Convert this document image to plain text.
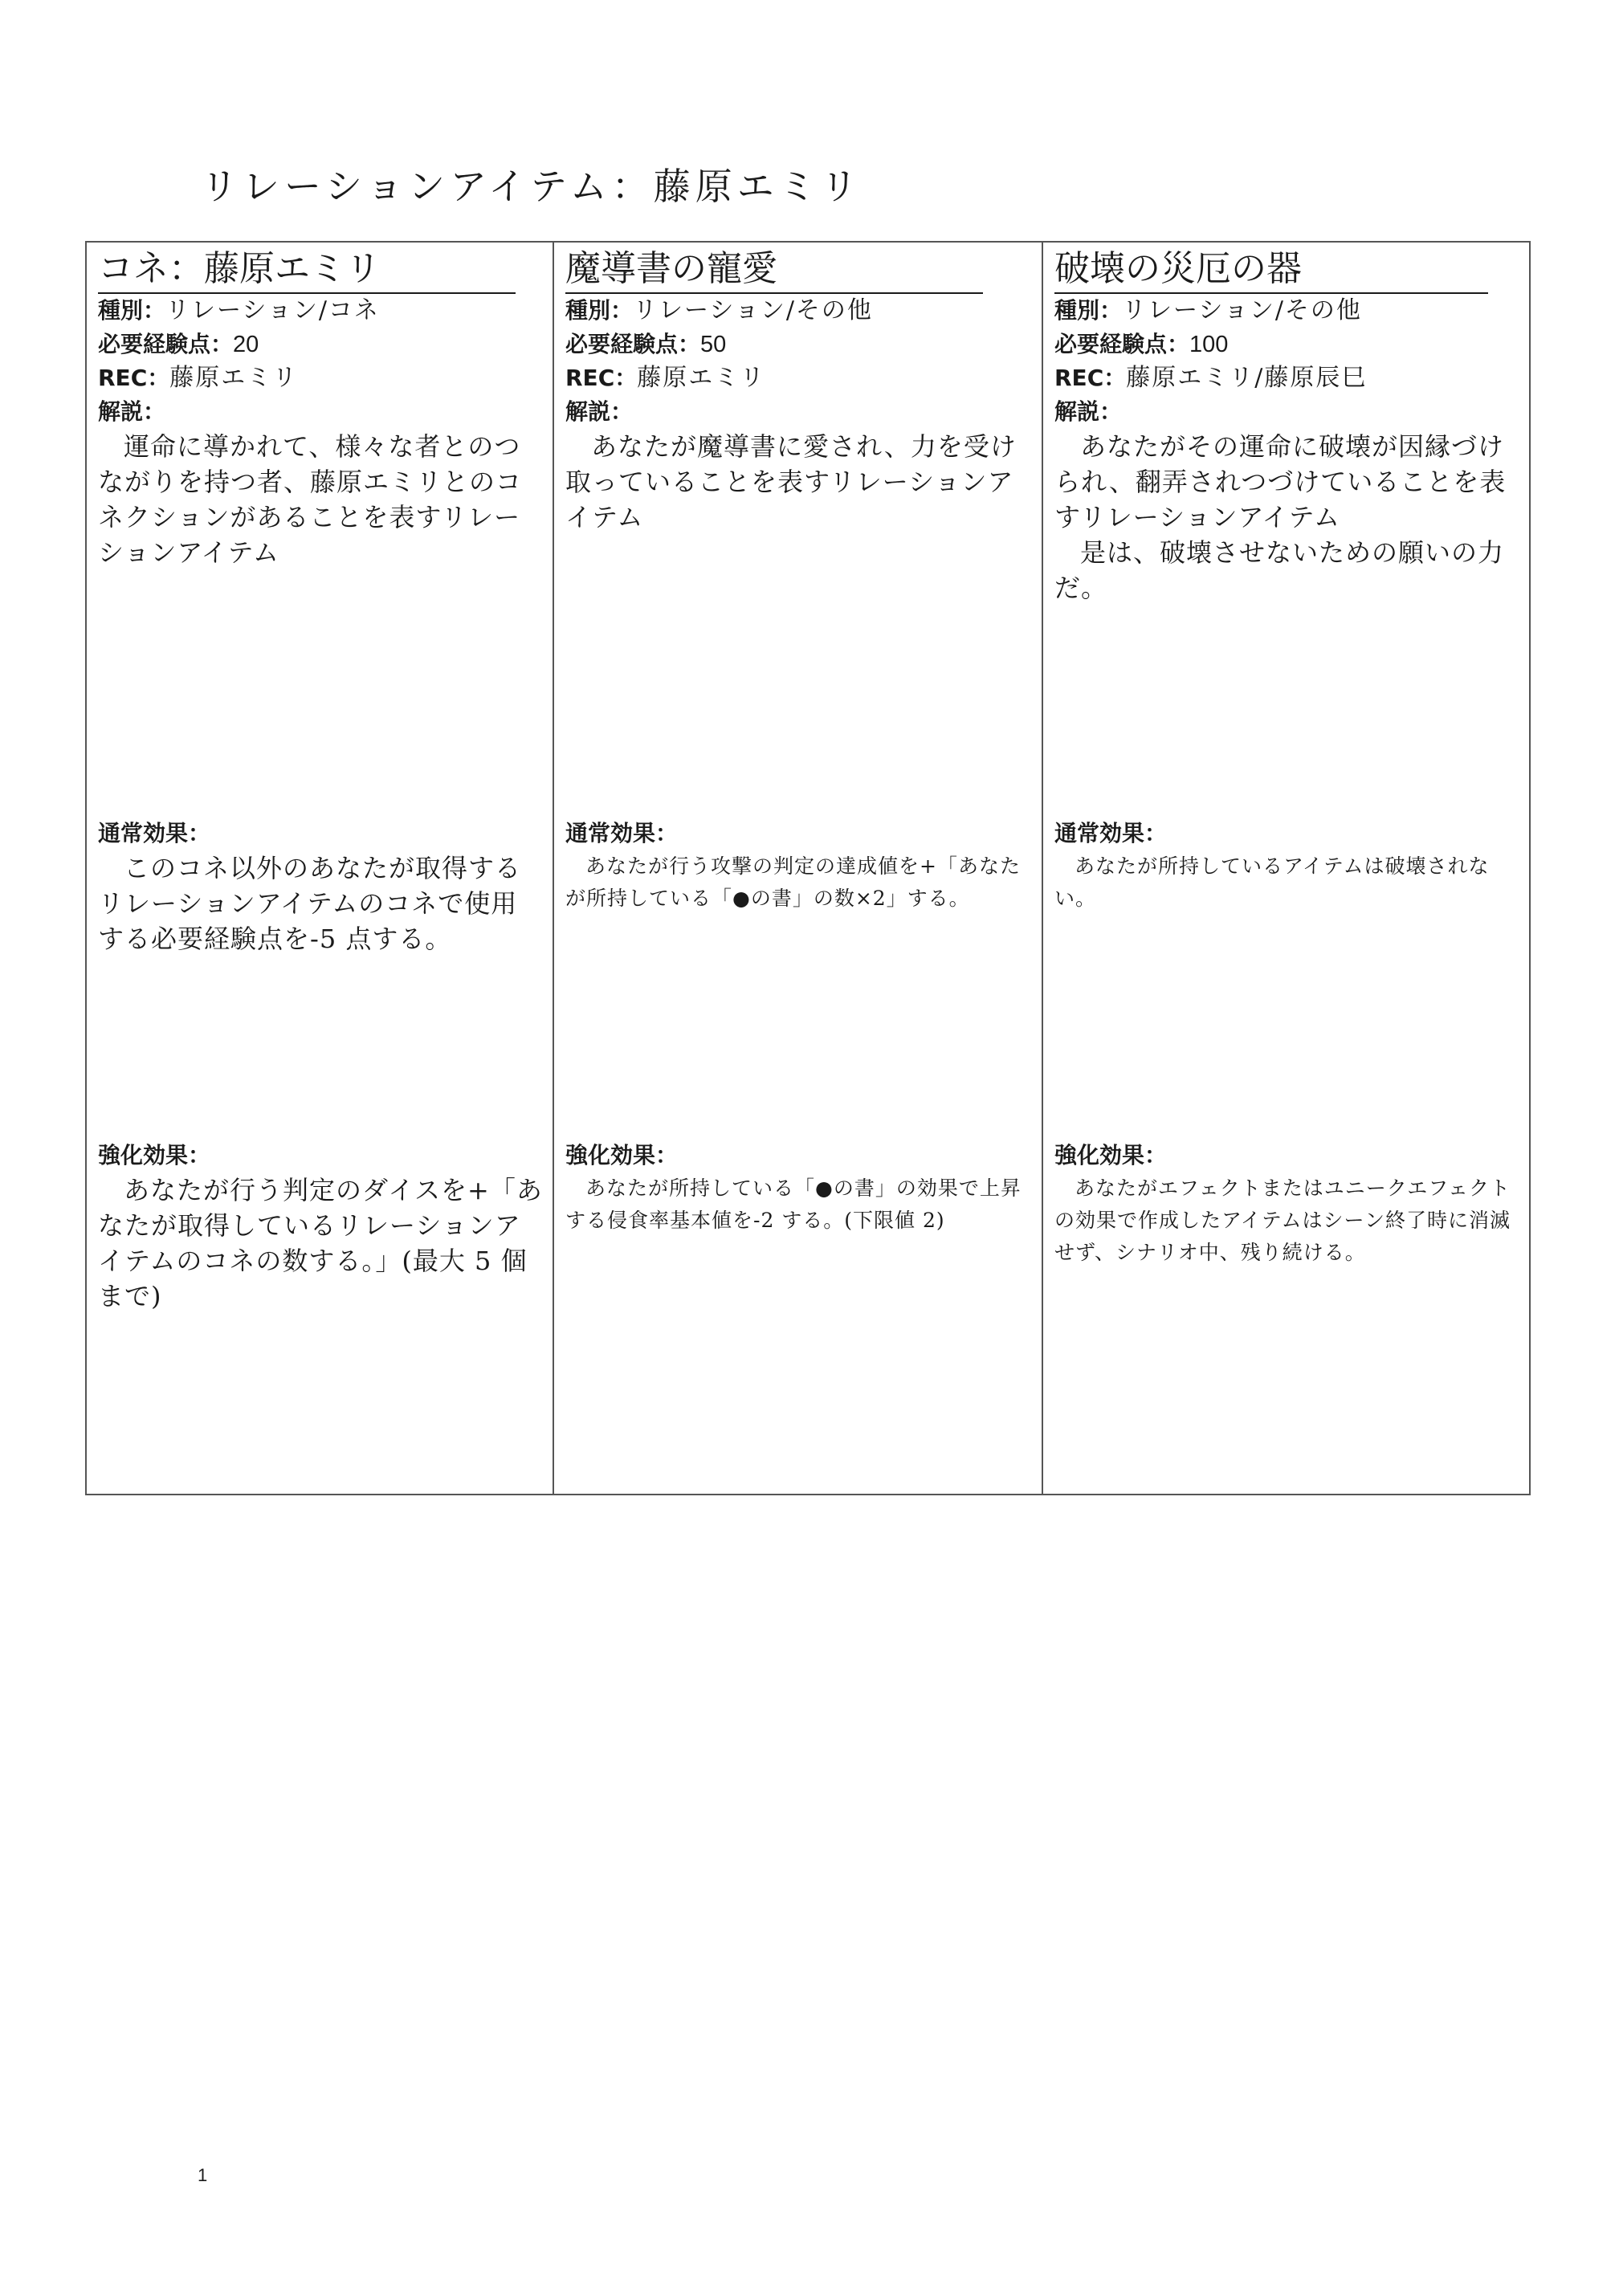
リレーションアイテム：藤原エミリ
コネ：藤原エミリ
種別：リレーション/コネ
必要経験点：20
REC：藤原エミリ
解説：

運命に導かれて、様々な者とのつながりを持つ者、藤原エミリとのコネクションがあることを表すリレーションアイテム

通常効果：

このコネ以外のあなたが取得するリレーションアイテムのコネで使用する必要経験点を-5 点する。

強化効果：

あなたが行う判定のダイスを+「あなたが取得しているリレーションアイテムのコネの数する。」(最大 5 個まで)

魔導書の寵愛
種別：リレーション/その他
必要経験点：50
REC：藤原エミリ
解説：

あなたが魔導書に愛され、力を受け取っていることを表すリレーションアイテム

通常効果：

あなたが行う攻撃の判定の達成値を+「あなたが所持している「●の書」の数×2」する。

強化効果：

あなたが所持している「●の書」の効果で上昇する侵食率基本値を-2 する。(下限値 2)

破壊の災厄の器
種別：リレーション/その他
必要経験点：100
REC：藤原エミリ/藤原辰巳
解説：

あなたがその運命に破壊が因縁づけられ、翻弄されつづけていることを表すリレーションアイテム

是は、破壊させないための願いの力だ。

通常効果：

あなたが所持しているアイテムは破壊されない。

強化効果：

あなたがエフェクトまたはユニークエフェクトの効果で作成したアイテムはシーン終了時に消滅せず、シナリオ中、残り続ける。

1
